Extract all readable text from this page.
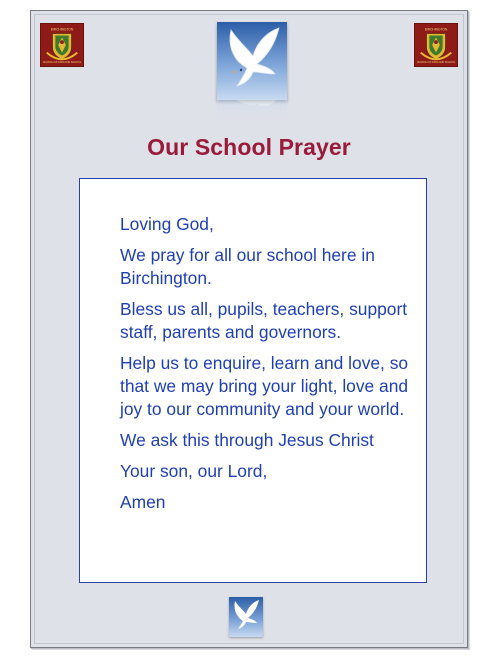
BIRCHINGTON
CHURCH OF ENGLAND SCHOOL
BIRCHINGTON
CHURCH OF ENGLAND SCHOOL
Our School Prayer

Loving God,

We pray for all our school here in Birchington.

Bless us all, pupils, teachers, support staff, parents and governors.

Help us to enquire, learn and love, so that we may bring your light, love and joy to our community and your world.

We ask this through Jesus Christ

Your son, our Lord,

Amen
